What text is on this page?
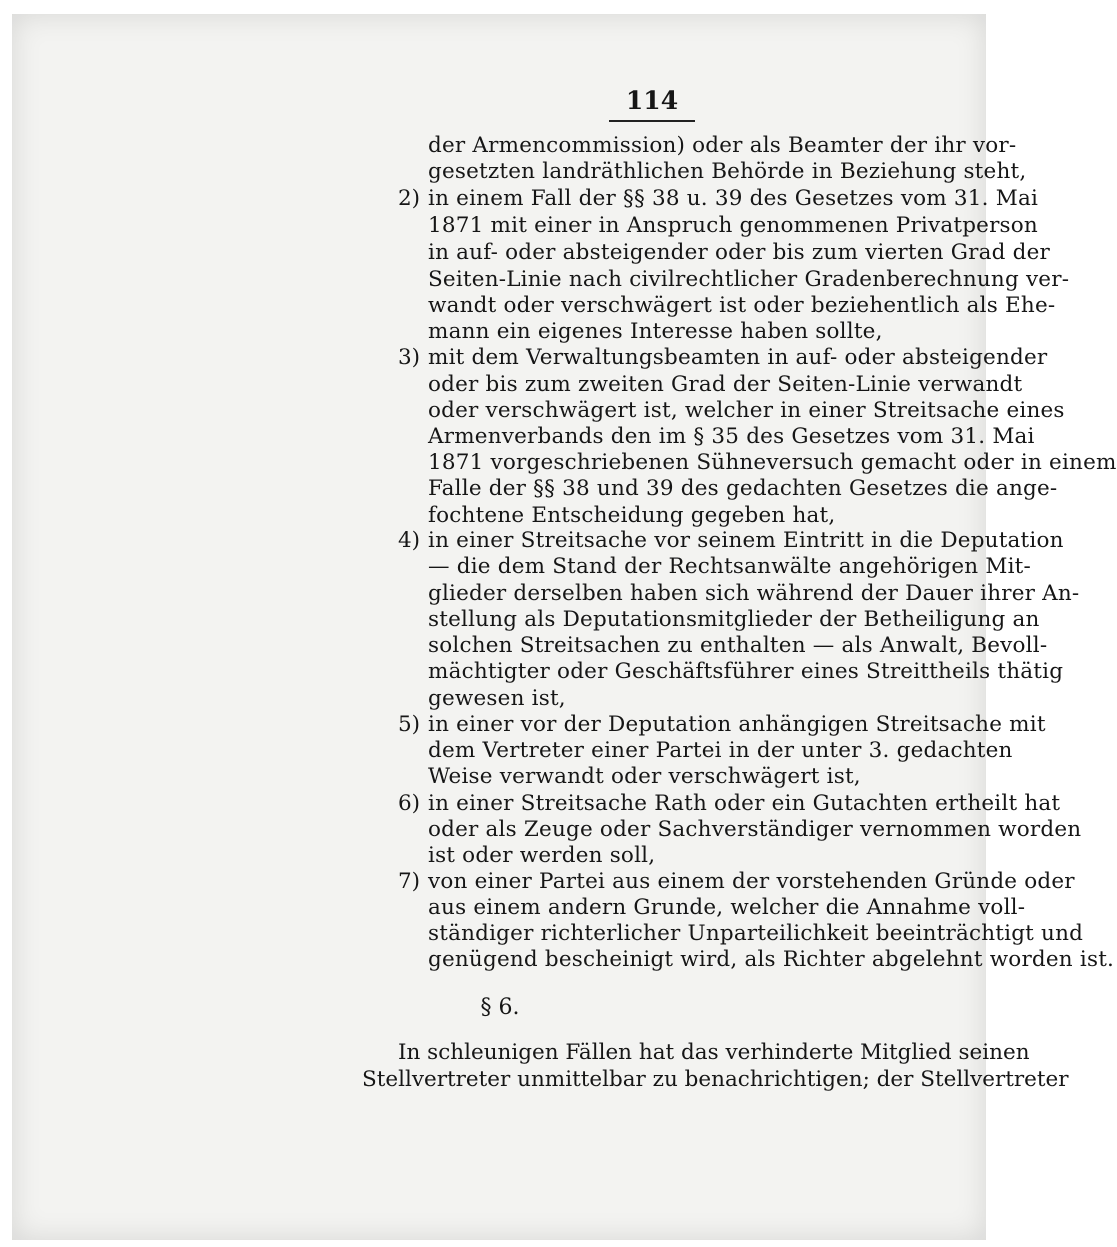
114
der Armencommission) oder als Beamter der ihr vor-
gesetzten landräthlichen Behörde in Beziehung steht,
2) in einem Fall der §§ 38 u. 39 des Gesetzes vom 31. Mai
1871 mit einer in Anspruch genommenen Privatperson
in auf- oder absteigender oder bis zum vierten Grad der
Seiten-Linie nach civilrechtlicher Gradenberechnung ver-
wandt oder verschwägert ist oder beziehentlich als Ehe-
mann ein eigenes Interesse haben sollte,
3) mit dem Verwaltungsbeamten in auf- oder absteigender
oder bis zum zweiten Grad der Seiten-Linie verwandt
oder verschwägert ist, welcher in einer Streitsache eines
Armenverbands den im § 35 des Gesetzes vom 31. Mai
1871 vorgeschriebenen Sühneversuch gemacht oder in einem
Falle der §§ 38 und 39 des gedachten Gesetzes die ange-
fochtene Entscheidung gegeben hat,
4) in einer Streitsache vor seinem Eintritt in die Deputation
— die dem Stand der Rechtsanwälte angehörigen Mit-
glieder derselben haben sich während der Dauer ihrer An-
stellung als Deputationsmitglieder der Betheiligung an
solchen Streitsachen zu enthalten — als Anwalt, Bevoll-
mächtigter oder Geschäftsführer eines Streittheils thätig
gewesen ist,
5) in einer vor der Deputation anhängigen Streitsache mit
dem Vertreter einer Partei in der unter 3. gedachten
Weise verwandt oder verschwägert ist,
6) in einer Streitsache Rath oder ein Gutachten ertheilt hat
oder als Zeuge oder Sachverständiger vernommen worden
ist oder werden soll,
7) von einer Partei aus einem der vorstehenden Gründe oder
aus einem andern Grunde, welcher die Annahme voll-
ständiger richterlicher Unparteilichkeit beeinträchtigt und
genügend bescheinigt wird, als Richter abgelehnt worden ist.
§ 6.
In schleunigen Fällen hat das verhinderte Mitglied seinen
Stellvertreter unmittelbar zu benachrichtigen; der Stellvertreter
